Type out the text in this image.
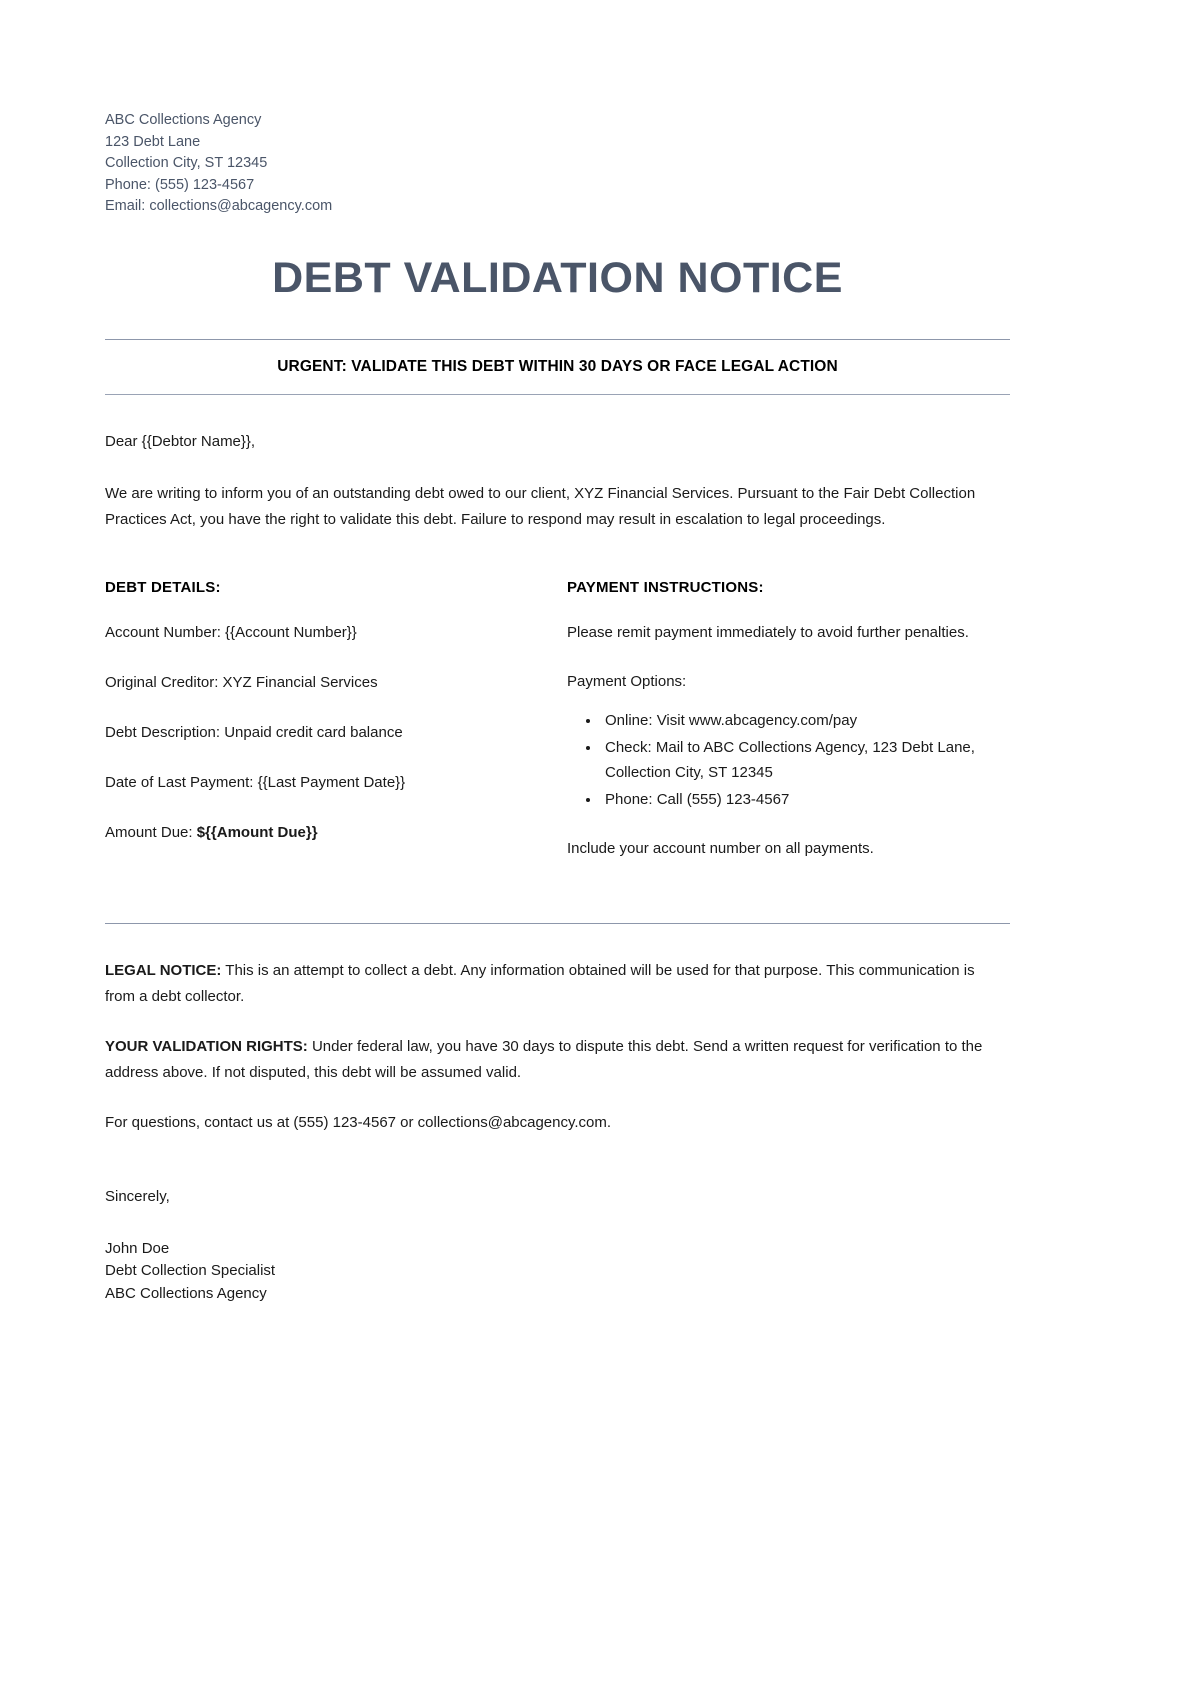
ABC Collections Agency
123 Debt Lane
Collection City, ST 12345
Phone: (555) 123-4567
Email: collections@abcagency.com
DEBT VALIDATION NOTICE
URGENT: VALIDATE THIS DEBT WITHIN 30 DAYS OR FACE LEGAL ACTION
Dear {{Debtor Name}},
We are writing to inform you of an outstanding debt owed to our client, XYZ Financial Services. Pursuant to the Fair Debt Collection Practices Act, you have the right to validate this debt. Failure to respond may result in escalation to legal proceedings.
DEBT DETAILS:
Account Number: {{Account Number}}
Original Creditor: XYZ Financial Services
Debt Description: Unpaid credit card balance
Date of Last Payment: {{Last Payment Date}}
Amount Due: ${{Amount Due}}
PAYMENT INSTRUCTIONS:
Please remit payment immediately to avoid further penalties.
Payment Options:
• Online: Visit www.abcagency.com/pay
• Check: Mail to ABC Collections Agency, 123 Debt Lane, Collection City, ST 12345
• Phone: Call (555) 123-4567
Include your account number on all payments.
LEGAL NOTICE: This is an attempt to collect a debt. Any information obtained will be used for that purpose. This communication is from a debt collector.
YOUR VALIDATION RIGHTS: Under federal law, you have 30 days to dispute this debt. Send a written request for verification to the address above. If not disputed, this debt will be assumed valid.
For questions, contact us at (555) 123-4567 or collections@abcagency.com.
Sincerely,
John Doe
Debt Collection Specialist
ABC Collections Agency
